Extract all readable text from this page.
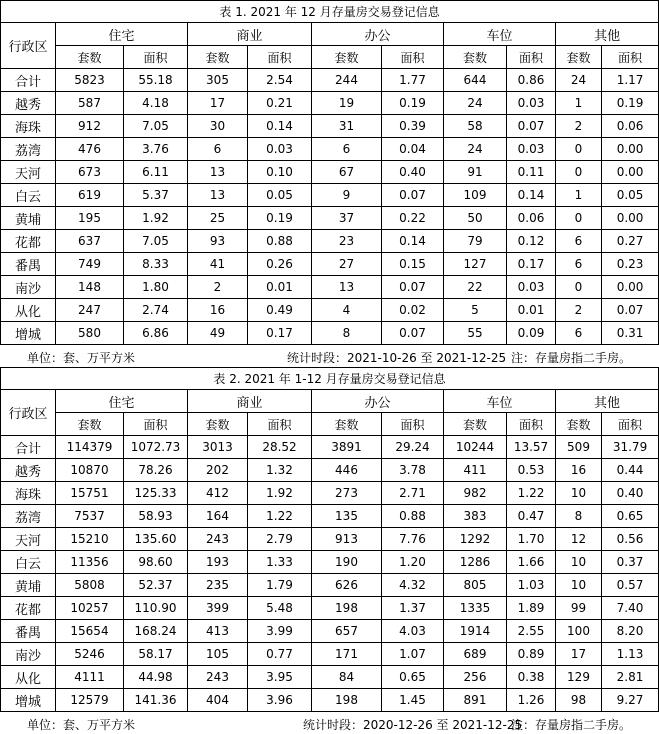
表 1. 2021 年 12 月存量房交易登记信息										
行政区	住宅		商业		办公		车位		其他	
	套数	面积	套数	面积	套数	面积	套数	面积	套数	面积
合计	5823	55.18	305	2.54	244	1.77	644	0.86	24	1.17
越秀	587	4.18	17	0.21	19	0.19	24	0.03	1	0.19
海珠	912	7.05	30	0.14	31	0.39	58	0.07	2	0.06
荔湾	476	3.76	6	0.03	6	0.04	24	0.03	0	0.00
天河	673	6.11	13	0.10	67	0.40	91	0.11	0	0.00
白云	619	5.37	13	0.05	9	0.07	109	0.14	1	0.05
黄埔	195	1.92	25	0.19	37	0.22	50	0.06	0	0.00
花都	637	7.05	93	0.88	23	0.14	79	0.12	6	0.27
番禺	749	8.33	41	0.26	27	0.15	127	0.17	6	0.23
南沙	148	1.80	2	0.01	13	0.07	22	0.03	0	0.00
从化	247	2.74	16	0.49	4	0.02	5	0.01	2	0.07
增城	580	6.86	49	0.17	8	0.07	55	0.09	6	0.31
单位：套、万平方米	统计时段：2021-10-26 至 2021-12-25 注：存量房指二手房。
表 2. 2021 年 1-12 月存量房交易登记信息										
行政区	住宅		商业		办公		车位		其他	
	套数	面积	套数	面积	套数	面积	套数	面积	套数	面积
合计	114379	1072.73	3013	28.52	3891	29.24	10244	13.57	509	31.79
越秀	10870	78.26	202	1.32	446	3.78	411	0.53	16	0.44
海珠	15751	125.33	412	1.92	273	2.71	982	1.22	10	0.40
荔湾	7537	58.93	164	1.22	135	0.88	383	0.47	8	0.65
天河	15210	135.60	243	2.79	913	7.76	1292	1.70	12	0.56
白云	11356	98.60	193	1.33	190	1.20	1286	1.66	10	0.37
黄埔	5808	52.37	235	1.79	626	4.32	805	1.03	10	0.57
花都	10257	110.90	399	5.48	198	1.37	1335	1.89	99	7.40
番禺	15654	168.24	413	3.99	657	4.03	1914	2.55	100	8.20
南沙	5246	58.17	105	0.77	171	1.07	689	0.89	17	1.13
从化	4111	44.98	243	3.95	84	0.65	256	0.38	129	2.81
增城	12579	141.36	404	3.96	198	1.45	891	1.26	98	9.27
单位：套、万平方米	统计时段：2020-12-26 至 2021-12-25
注：存量房指二手房。
